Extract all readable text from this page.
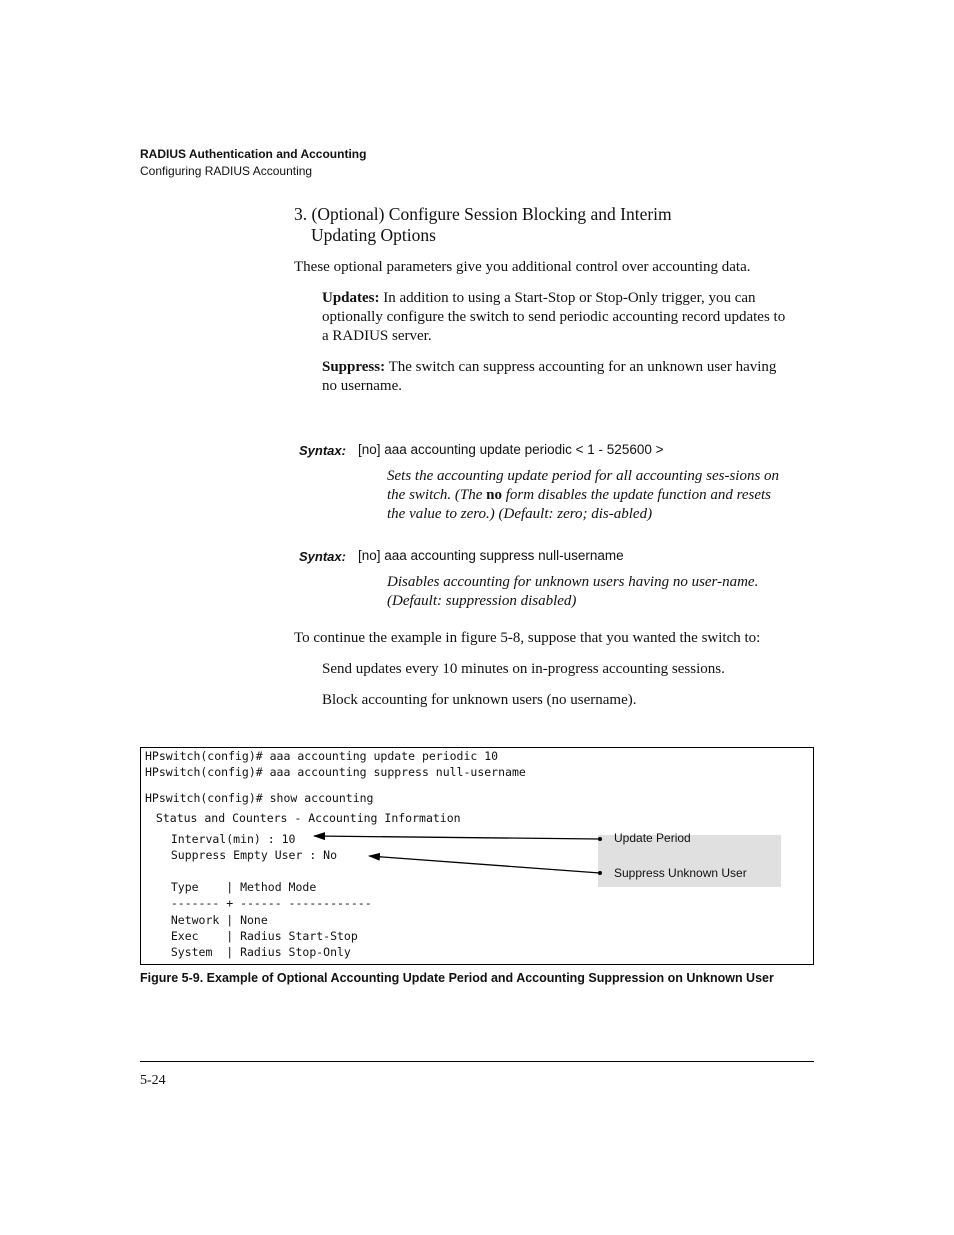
RADIUS Authentication and Accounting
Configuring RADIUS Accounting
3. (Optional) Configure Session Blocking and Interim
Updating Options
These optional parameters give you additional control over accounting data.
Updates: In addition to using a Start-Stop or Stop-Only trigger, you can optionally configure the switch to send periodic accounting record updates to a RADIUS server.
Suppress: The switch can suppress accounting for an unknown user having no username.
Syntax: [no] aaa accounting update periodic < 1 - 525600 >
Sets the accounting update period for all accounting ses-sions on the switch. (The no form disables the update function and resets the value to zero.) (Default: zero; dis-abled)
Syntax: [no] aaa accounting suppress null-username
Disables accounting for unknown users having no user-name. (Default: suppression disabled)
To continue the example in figure 5-8, suppose that you wanted the switch to:
Send updates every 10 minutes on in-progress accounting sessions.
Block accounting for unknown users (no username).
HPswitch(config)# aaa accounting update periodic 10
HPswitch(config)# aaa accounting suppress null-username
HPswitch(config)# show accounting
Status and Counters - Accounting Information
Interval(min) : 10
Suppress Empty User : No
Type    | Method Mode
------- + ------ ------------
Network | None
Exec    | Radius Start-Stop
System  | Radius Stop-Only
Update Period
Suppress Unknown User
Figure 5-9. Example of Optional Accounting Update Period and Accounting Suppression on Unknown User
5-24
